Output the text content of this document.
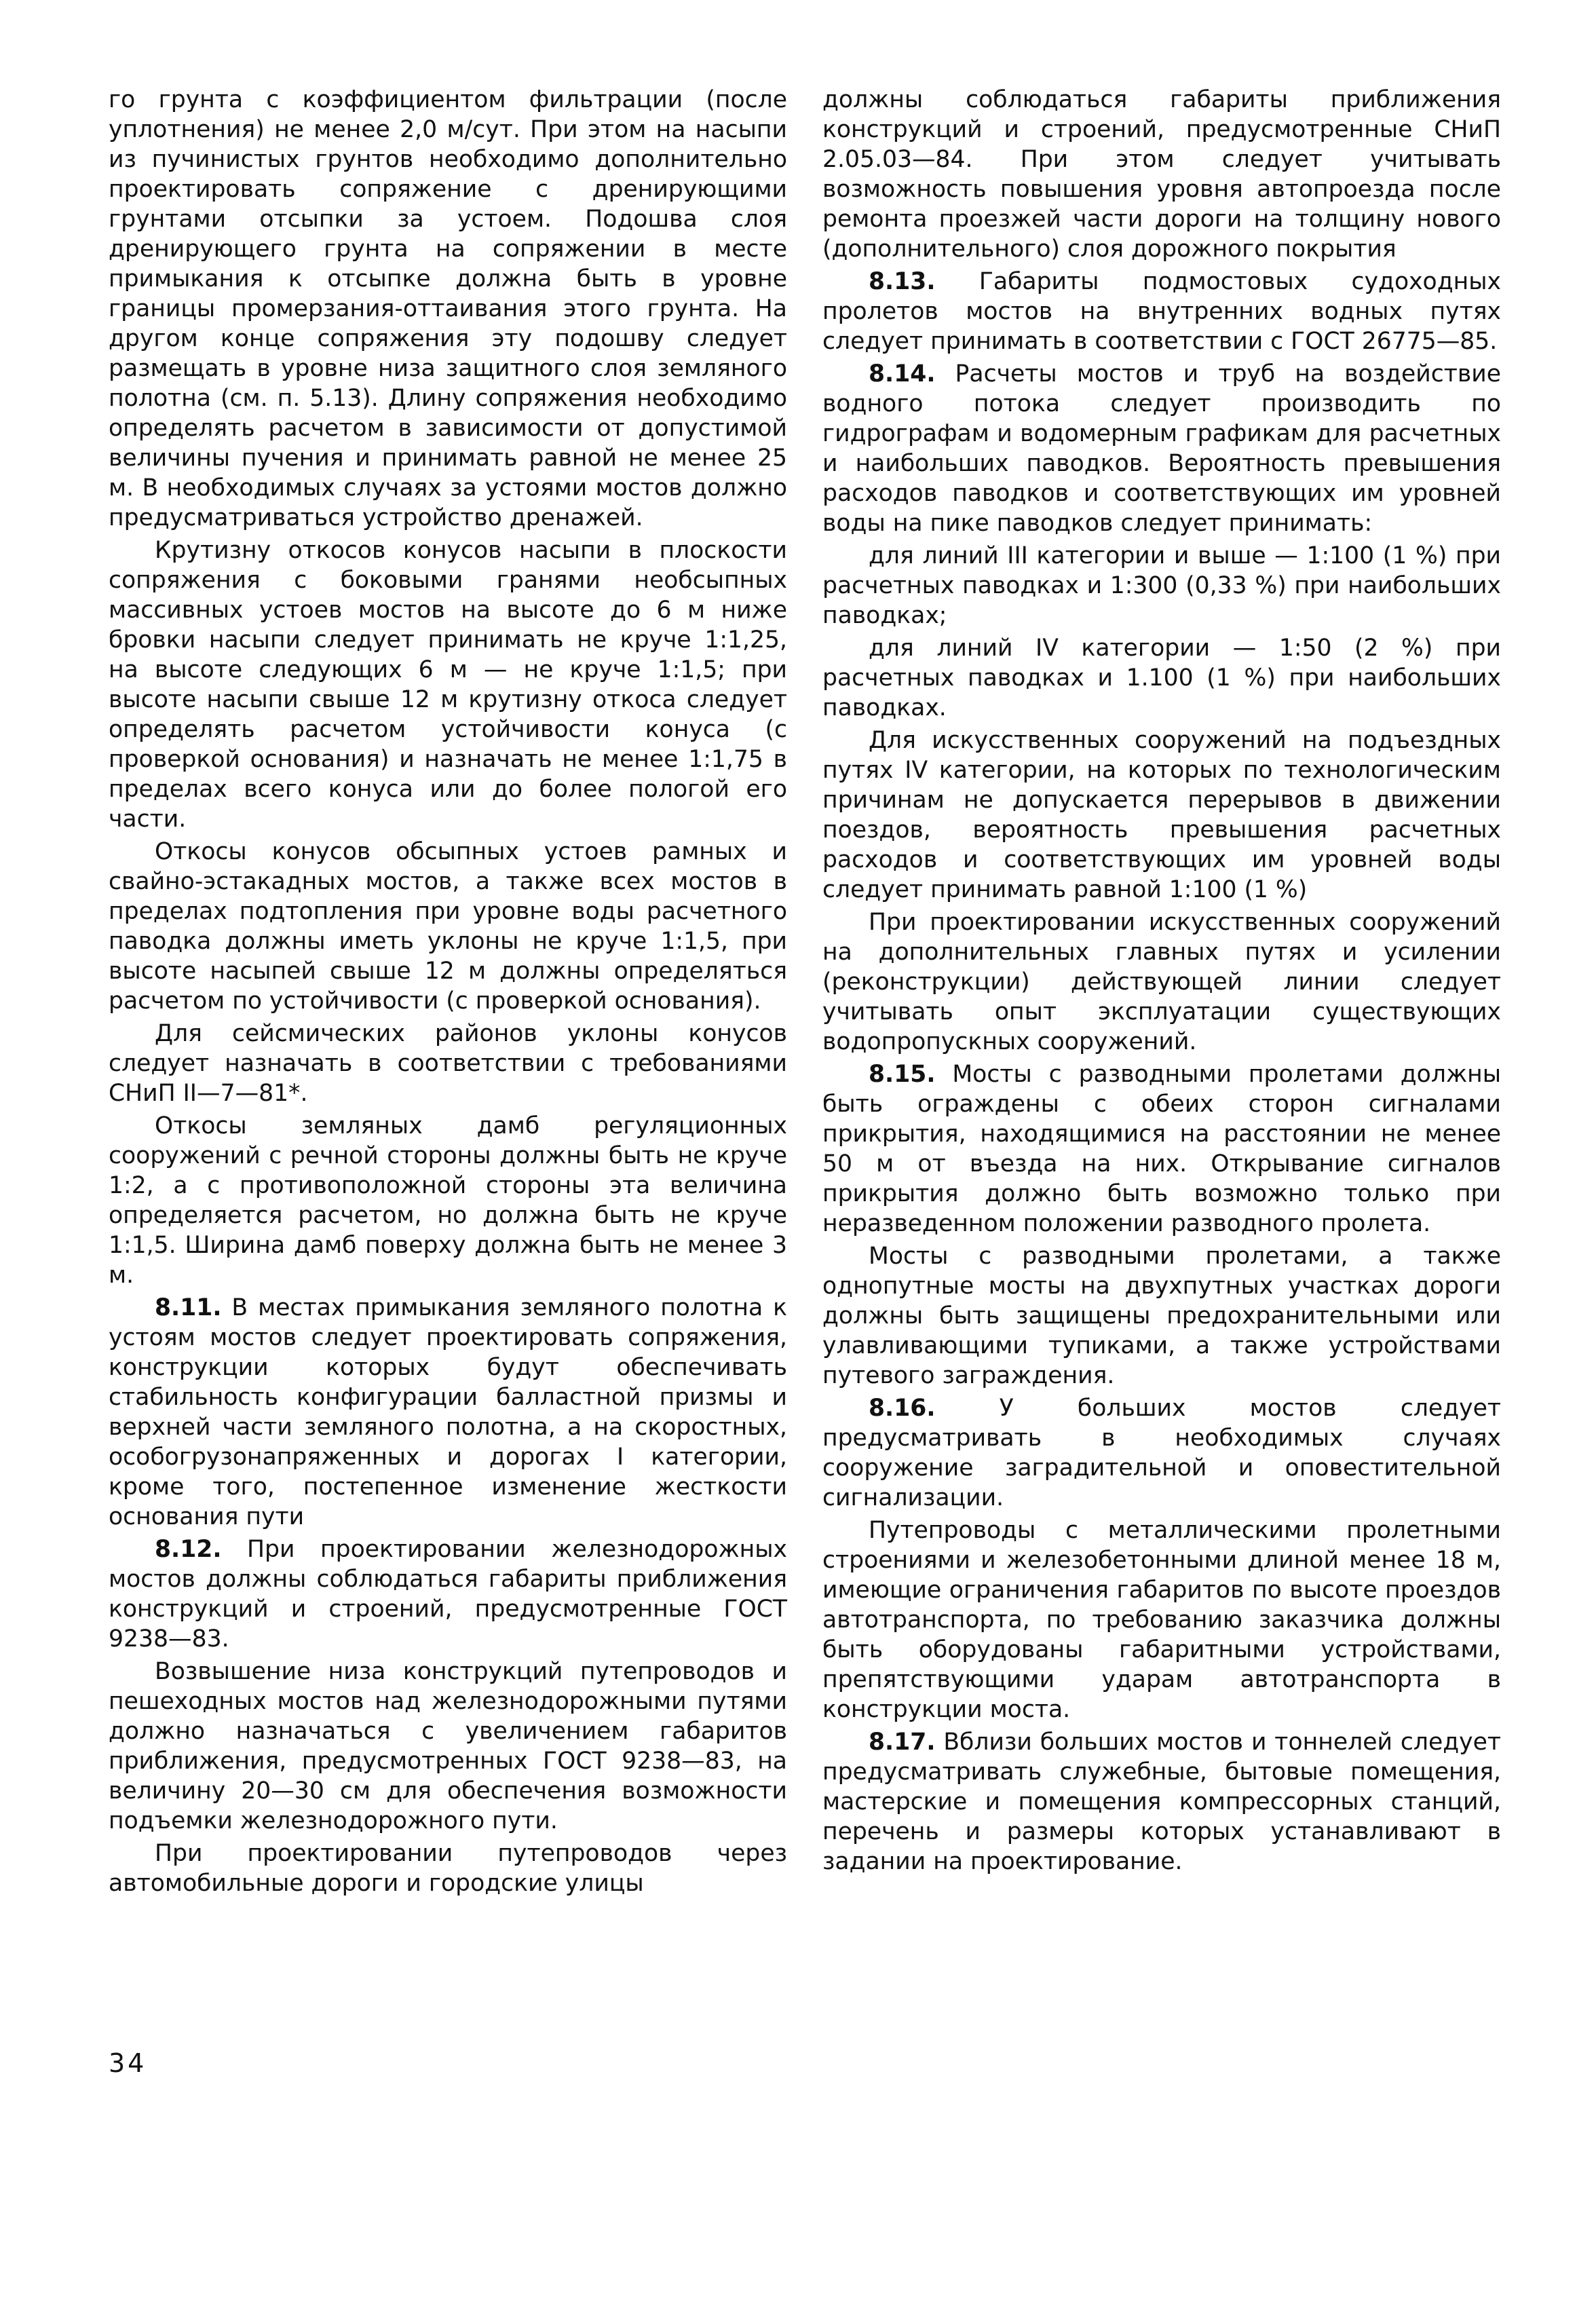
го грунта с коэффициентом фильтрации (после уплотнения) не менее 2,0 м/сут. При этом на насыпи из пучинистых грунтов необходимо дополнительно проектировать сопряжение с дренирующими грунтами отсыпки за устоем. Подошва слоя дренирующего грунта на сопряжении в месте примыкания к отсыпке должна быть в уровне границы промерзания-оттаивания этого грунта. На другом конце сопряжения эту подошву следует размещать в уровне низа защитного слоя земляного полотна (см. п. 5.13). Длину сопряжения необходимо определять расчетом в зависимости от допустимой величины пучения и принимать равной не менее 25 м. В необходимых случаях за устоями мостов должно предусматриваться устройство дренажей.

Крутизну откосов конусов насыпи в плоскости сопряжения с боковыми гранями необсыпных массивных устоев мостов на высоте до 6 м ниже бровки насыпи следует принимать не круче 1:1,25, на высоте следующих 6 м — не круче 1:1,5; при высоте насыпи свыше 12 м крутизну откоса следует определять расчетом устойчивости конуса (с проверкой основания) и назначать не менее 1:1,75 в пределах всего конуса или до более пологой его части.

Откосы конусов обсыпных устоев рамных и свайно-эстакадных мостов, а также всех мостов в пределах подтопления при уровне воды расчетного паводка должны иметь уклоны не круче 1:1,5, при высоте насыпей свыше 12 м должны определяться расчетом по устойчивости (с проверкой основания).

Для сейсмических районов уклоны конусов следует назначать в соответствии с требованиями СНиП II—7—81*.

Откосы земляных дамб регуляционных сооружений с речной стороны должны быть не круче 1:2, а с противоположной стороны эта величина определяется расчетом, но должна быть не круче 1:1,5. Ширина дамб поверху должна быть не менее 3 м.

8.11. В местах примыкания земляного полотна к устоям мостов следует проектировать сопряжения, конструкции которых будут обеспечивать стабильность конфигурации балластной призмы и верхней части земляного полотна, а на скоростных, особогрузонапряженных и дорогах I категории, кроме того, постепенное изменение жесткости основания пути

8.12. При проектировании железнодорожных мостов должны соблюдаться габариты приближения конструкций и строений, предусмотренные ГОСТ 9238—83.

Возвышение низа конструкций путепроводов и пешеходных мостов над железнодорожными путями должно назначаться с увеличением габаритов приближения, предусмотренных ГОСТ 9238—83, на величину 20—30 см для обеспечения возможности подъемки железнодорожного пути.

При проектировании путепроводов через автомобильные дороги и городские улицы

должны соблюдаться габариты приближения конструкций и строений, предусмотренные СНиП 2.05.03—84. При этом следует учитывать возможность повышения уровня автопроезда после ремонта проезжей части дороги на толщину нового (дополнительного) слоя дорожного покрытия

8.13. Габариты подмостовых судоходных пролетов мостов на внутренних водных путях следует принимать в соответствии с ГОСТ 26775—85.

8.14. Расчеты мостов и труб на воздействие водного потока следует производить по гидрографам и водомерным графикам для расчетных и наибольших паводков. Вероятность превышения расходов паводков и соответствующих им уровней воды на пике паводков следует принимать:

для линий III категории и выше — 1:100 (1 %) при расчетных паводках и 1:300 (0,33 %) при наибольших паводках;

для линий IV категории — 1:50 (2 %) при расчетных паводках и 1.100 (1 %) при наибольших паводках.

Для искусственных сооружений на подъездных путях IV категории, на которых по технологическим причинам не допускается перерывов в движении поездов, вероятность превышения расчетных расходов и соответствующих им уровней воды следует принимать равной 1:100 (1 %)

При проектировании искусственных сооружений на дополнительных главных путях и усилении (реконструкции) действующей линии следует учитывать опыт эксплуатации существующих водопропускных сооружений.

8.15. Мосты с разводными пролетами должны быть ограждены с обеих сторон сигналами прикрытия, находящимися на расстоянии не менее 50 м от въезда на них. Открывание сигналов прикрытия должно быть возможно только при неразведенном положении разводного пролета.

Мосты с разводными пролетами, а также однопутные мосты на двухпутных участках дороги должны быть защищены предохранительными или улавливающими тупиками, а также устройствами путевого заграждения.

8.16. У больших мостов следует предусматривать в необходимых случаях сооружение заградительной и оповестительной сигнализации.

Путепроводы с металлическими пролетными строениями и железобетонными длиной менее 18 м, имеющие ограничения габаритов по высоте проездов автотранспорта, по требованию заказчика должны быть оборудованы габаритными устройствами, препятствующими ударам автотранспорта в конструкции моста.

8.17. Вблизи больших мостов и тоннелей следует предусматривать служебные, бытовые помещения, мастерские и помещения компрессорных станций, перечень и размеры которых устанавливают в задании на проектирование.

34
